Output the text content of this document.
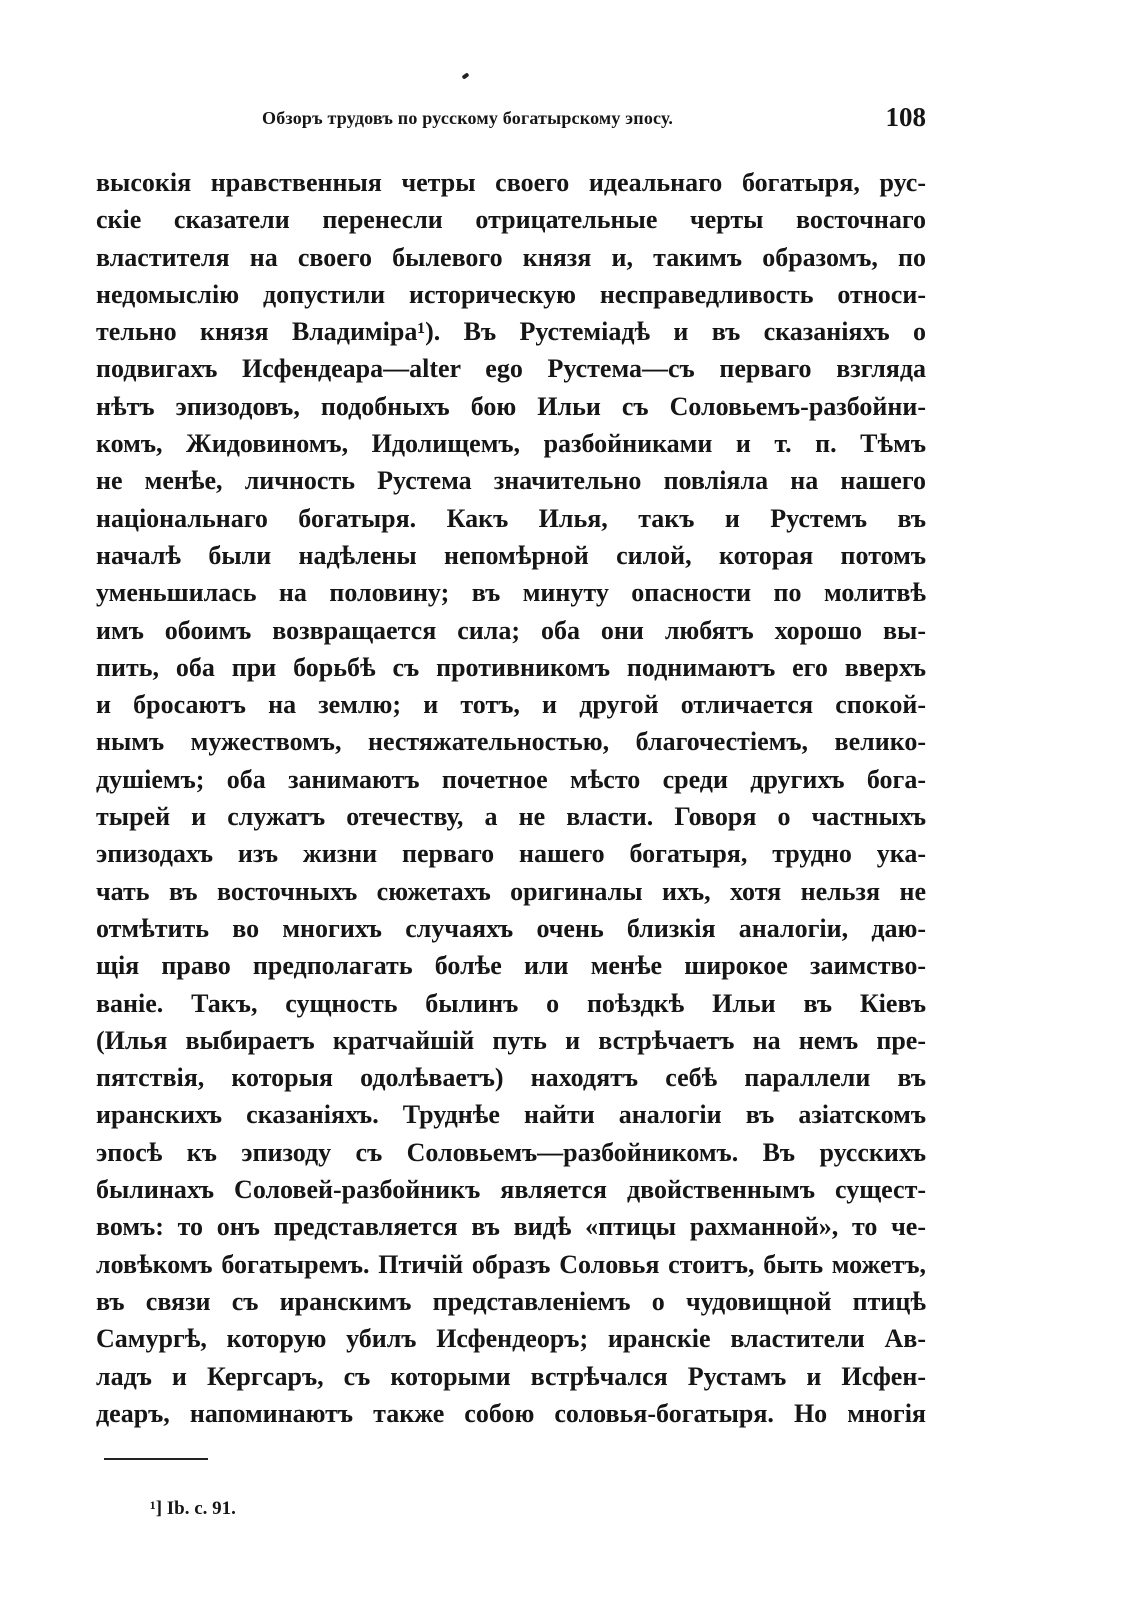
Обзоръ трудовъ по русскому богатырскому эпосу.	108
высокія нравственныя четры своего идеальнаго богатыря, рус-
скіе сказатели перенесли отрицательные черты восточнаго
властителя на своего былевого князя и, такимъ образомъ, по
недомыслію допустили историческую несправедливость относи-
тельно князя Владиміра¹). Въ Рустеміадѣ и въ сказаніяхъ о
подвигахъ Исфендеара—alter ego Рустема—съ перваго взгляда
нѣтъ эпизодовъ, подобныхъ бою Ильи съ Соловьемъ-разбойни-
комъ, Жидовиномъ, Идолищемъ, разбойниками и т. п. Тѣмъ
не менѣе, личность Рустема значительно повліяла на нашего
національнаго богатыря. Какъ Илья, такъ и Рустемъ въ
началѣ были надѣлены непомѣрной силой, которая потомъ
уменьшилась на половину; въ минуту опасности по молитвѣ
имъ обоимъ возвращается сила; оба они любятъ хорошо вы-
пить, оба при борьбѣ съ противникомъ поднимаютъ его вверхъ
и бросаютъ на землю; и тотъ, и другой отличается спокой-
нымъ мужествомъ, нестяжательностью, благочестіемъ, велико-
душіемъ; оба занимаютъ почетное мѣсто среди другихъ бога-
тырей и служатъ отечеству, а не власти. Говоря о частныхъ
эпизодахъ изъ жизни перваго нашего богатыря, трудно ука-
чать въ восточныхъ сюжетахъ оригиналы ихъ, хотя нельзя не
отмѣтить во многихъ случаяхъ очень близкія аналогіи, даю-
щія право предполагать болѣе или менѣе широкое заимство-
ваніе. Такъ, сущность былинъ о поѣздкѣ Ильи въ Кіевъ
(Илья выбираетъ кратчайшій путь и встрѣчаетъ на немъ пре-
пятствія, которыя одолѣваетъ) находятъ себѣ параллели въ
иранскихъ сказаніяхъ. Труднѣе найти аналогіи въ азіатскомъ
эпосѣ къ эпизоду съ Соловьемъ—разбойникомъ. Въ русскихъ
былинахъ Соловей-разбойникъ является двойственнымъ сущест-
вомъ: то онъ представляется въ видѣ «птицы рахманной», то че-
ловѣкомъ богатыремъ. Птичій образъ Соловья стоитъ, быть можетъ,
въ связи съ иранскимъ представленіемъ о чудовищной птицѣ
Самургѣ, которую убилъ Исфендеоръ; иранскіе властители Ав-
ладъ и Кергсаръ, съ которыми встрѣчался Рустамъ и Исфен-
деаръ, напоминаютъ также собою соловья-богатыря. Но многія
¹] Ib. c. 91.
